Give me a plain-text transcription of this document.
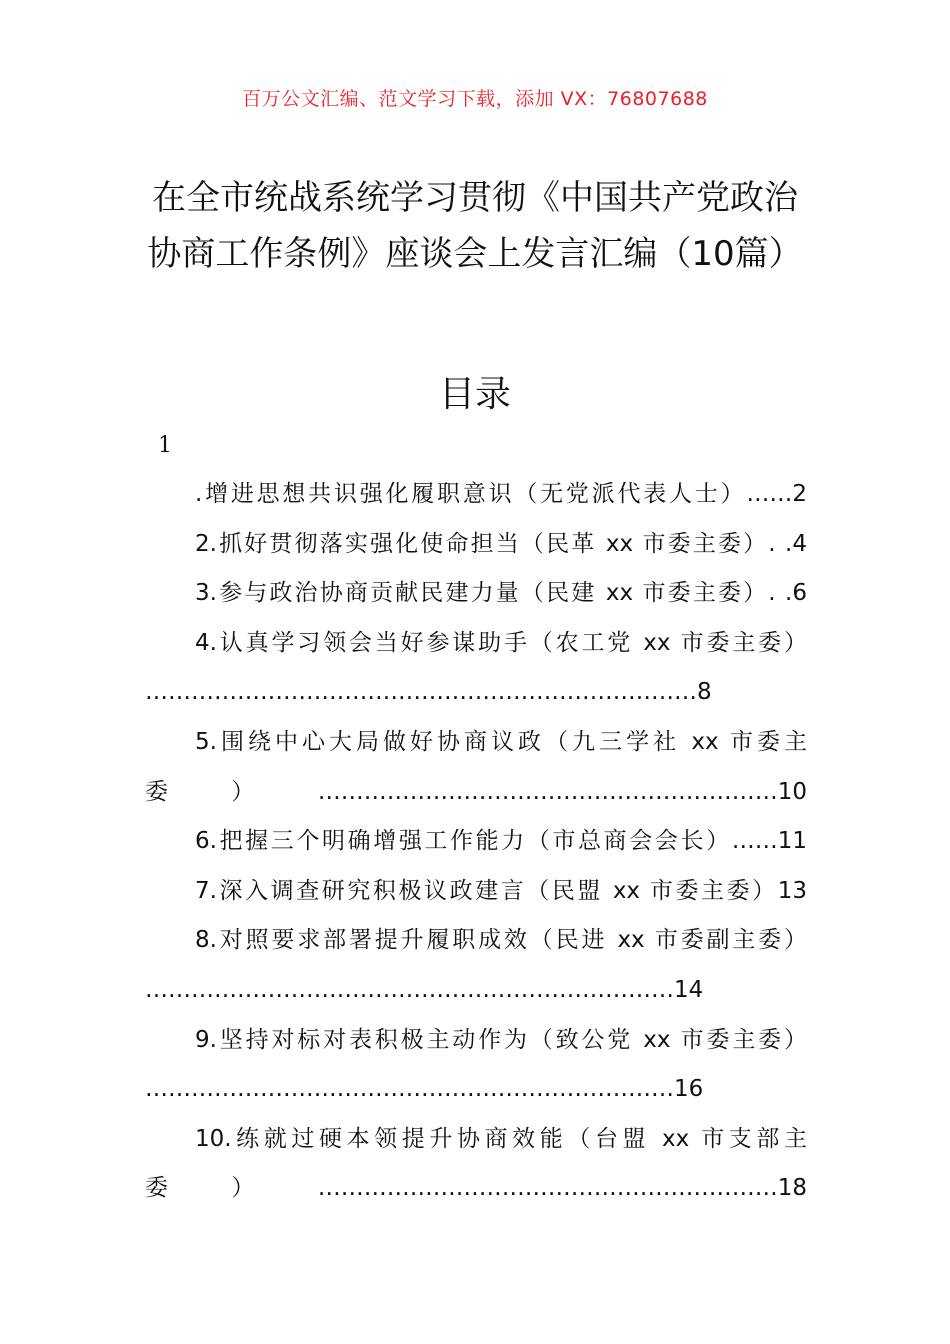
百万公文汇编、范文学习下载，添加 VX：76807688
在全市统战系统学习贯彻《中国共产党政治协商工作条例》座谈会上发言汇编（10篇）
目录
1
.增进思想共识强化履职意识（无党派代表人士）……2
2.抓好贯彻落实强化使命担当（民革 xx 市委主委）. .4
3.参与政治协商贡献民建力量（民建 xx 市委主委）. .6
4.认真学习领会当好参谋助手（农工党 xx 市委主委）
………………………………………………………………8
5.围绕中心大局做好协商议政（九三学社 xx 市委主
委）……………………………………………………10
6.把握三个明确增强工作能力（市总商会会长）……11
7.深入调查研究积极议政建言（民盟 xx 市委主委）13
8.对照要求部署提升履职成效（民进 xx 市委副主委）
……………………………………………………………14
9.坚持对标对表积极主动作为（致公党 xx 市委主委）
……………………………………………………………16
10.练就过硬本领提升协商效能（台盟 xx 市支部主
委）……………………………………………………18
